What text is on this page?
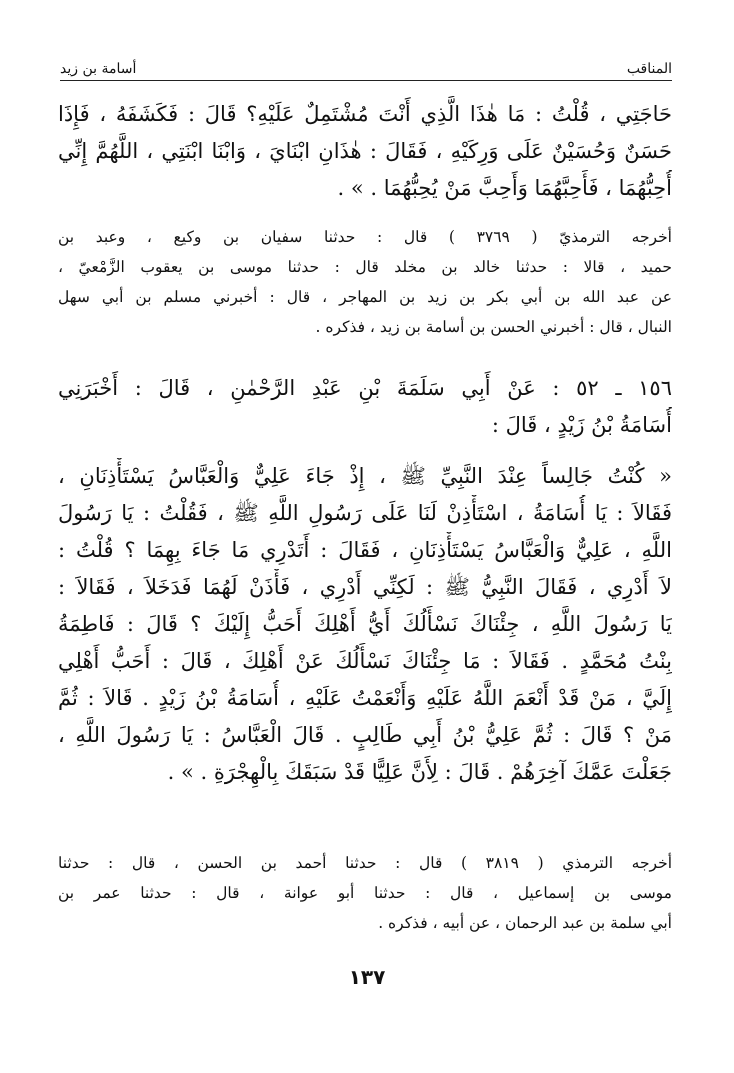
المناقب
أسامة بن زيد
حَاجَتِي ، قُلْتُ : مَا هٰذَا الَّذِي أَنْتَ مُشْتَمِلٌ عَلَيْهِ؟ قَالَ : فَكَشَفَهُ ، فَإِذَا
حَسَنٌ وَحُسَيْنٌ عَلَى وَرِكَيْهِ ، فَقَالَ : هٰذَانِ ابْنَايَ ، وَابْنَا ابْنَتِي ، اللَّهُمَّ إِنِّي
أُحِبُّهُمَا ، فَأَحِبَّهُمَا وَأَحِبَّ مَنْ يُحِبُّهُمَا . » .
أخرجه الترمذيّ ( ٣٧٦٩ ) قال : حدثنا سفيان بن وكيع ، وعبد بن
حميد ، قالا : حدثنا خالد بن مخلد قال : حدثنا موسى بن يعقوب الزَّمْعيّ ،
عن عبد الله بن أبي بكر بن زيد بن المهاجر ، قال : أخبرني مسلم بن أبي سهل
النبال ، قال : أخبرني الحسن بن أسامة بن زيد ، فذكره .
١٥٦ ـ ٥٢ : عَنْ أَبِي سَلَمَةَ بْنِ عَبْدِ الرَّحْمٰنِ ، قَالَ : أَخْبَرَنِي
أُسَامَةُ بْنُ زَيْدٍ ، قَالَ :
« كُنْتُ جَالِساً عِنْدَ النَّبِيِّ ﷺ ، إِذْ جَاءَ عَلِيٌّ وَالْعَبَّاسُ يَسْتَأْذِنَانِ ،
فَقَالاَ : يَا أُسَامَةُ ، اسْتَأْذِنْ لَنَا عَلَى رَسُولِ اللَّهِ ﷺ ، فَقُلْتُ : يَا رَسُولَ
اللَّهِ ، عَلِيٌّ وَالْعَبَّاسُ يَسْتَأْذِنَانِ ، فَقَالَ : أَتَدْرِي مَا جَاءَ بِهِمَا ؟ قُلْتُ :
لاَ أَدْرِي ، فَقَالَ النَّبِيُّ ﷺ : لَكِنِّي أَدْرِي ، فَأْذَنْ لَهُمَا فَدَخَلاَ ، فَقَالاَ :
يَا رَسُولَ اللَّهِ ، جِئْنَاكَ نَسْأَلُكَ أَيُّ أَهْلِكَ أَحَبُّ إِلَيْكَ ؟ قَالَ : فَاطِمَةُ
بِنْتُ مُحَمَّدٍ . فَقَالاَ : مَا جِئْنَاكَ نَسْأَلُكَ عَنْ أَهْلِكَ ، قَالَ : أَحَبُّ أَهْلِي
إِلَيَّ ، مَنْ قَدْ أَنْعَمَ اللَّهُ عَلَيْهِ وَأَنْعَمْتُ عَلَيْهِ ، أُسَامَةُ بْنُ زَيْدٍ . قَالاَ : ثُمَّ
مَنْ ؟ قَالَ : ثُمَّ عَلِيُّ بْنُ أَبِي طَالِبٍ . قَالَ الْعَبَّاسُ : يَا رَسُولَ اللَّهِ ،
جَعَلْتَ عَمَّكَ آخِرَهُمْ . قَالَ : لِأَنَّ عَلِيًّا قَدْ سَبَقَكَ بِالْهِجْرَةِ . » .
أخرجه الترمذي ( ٣٨١٩ ) قال : حدثنا أحمد بن الحسن ، قال : حدثنا
موسى بن إسماعيل ، قال : حدثنا أبو عوانة ، قال : حدثنا عمر بن
أبي سلمة بن عبد الرحمان ، عن أبيه ، فذكره .
١٣٧
